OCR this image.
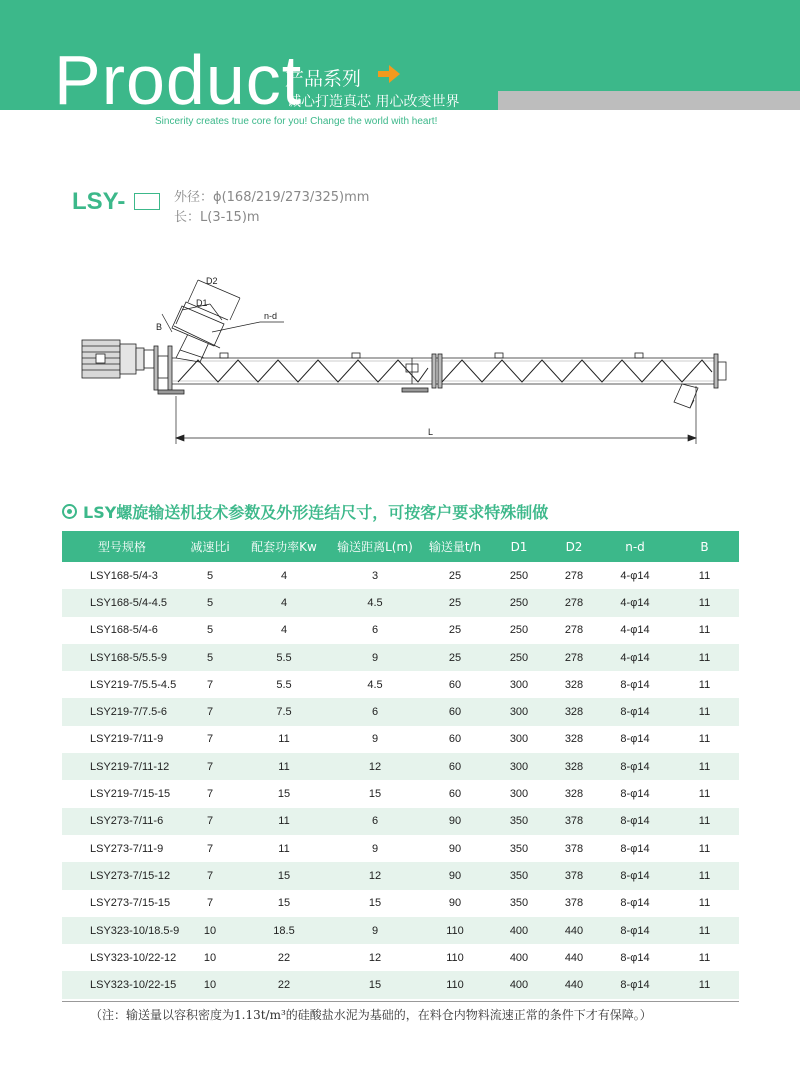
Product
产品系列
诚心打造真芯 用心改变世界
Sincerity creates true core for you! Change the world with heart!
LSY-	外径：ϕ(168/219/273/325)mm
长：L(3-15)m
D2
D1
B
n-d
L
LSY螺旋输送机技术参数及外形连结尺寸，可按客户要求特殊制做
型号规格	减速比i	配套功率Kw	输送距离L(m)	输送量t/h	D1	D2	n-d	B
LSY168-5/4-3	5	4	3	25	250	278	4-φ14	11
LSY168-5/4-4.5	5	4	4.5	25	250	278	4-φ14	11
LSY168-5/4-6	5	4	6	25	250	278	4-φ14	11
LSY168-5/5.5-9	5	5.5	9	25	250	278	4-φ14	11
LSY219-7/5.5-4.5	7	5.5	4.5	60	300	328	8-φ14	11
LSY219-7/7.5-6	7	7.5	6	60	300	328	8-φ14	11
LSY219-7/11-9	7	11	9	60	300	328	8-φ14	11
LSY219-7/11-12	7	11	12	60	300	328	8-φ14	11
LSY219-7/15-15	7	15	15	60	300	328	8-φ14	11
LSY273-7/11-6	7	11	6	90	350	378	8-φ14	11
LSY273-7/11-9	7	11	9	90	350	378	8-φ14	11
LSY273-7/15-12	7	15	12	90	350	378	8-φ14	11
LSY273-7/15-15	7	15	15	90	350	378	8-φ14	11
LSY323-10/18.5-9	10	18.5	9	110	400	440	8-φ14	11
LSY323-10/22-12	10	22	12	110	400	440	8-φ14	11
LSY323-10/22-15	10	22	15	110	400	440	8-φ14	11
（注：输送量以容积密度为1.13t/m³的硅酸盐水泥为基础的，在料仓内物料流速正常的条件下才有保障。）
